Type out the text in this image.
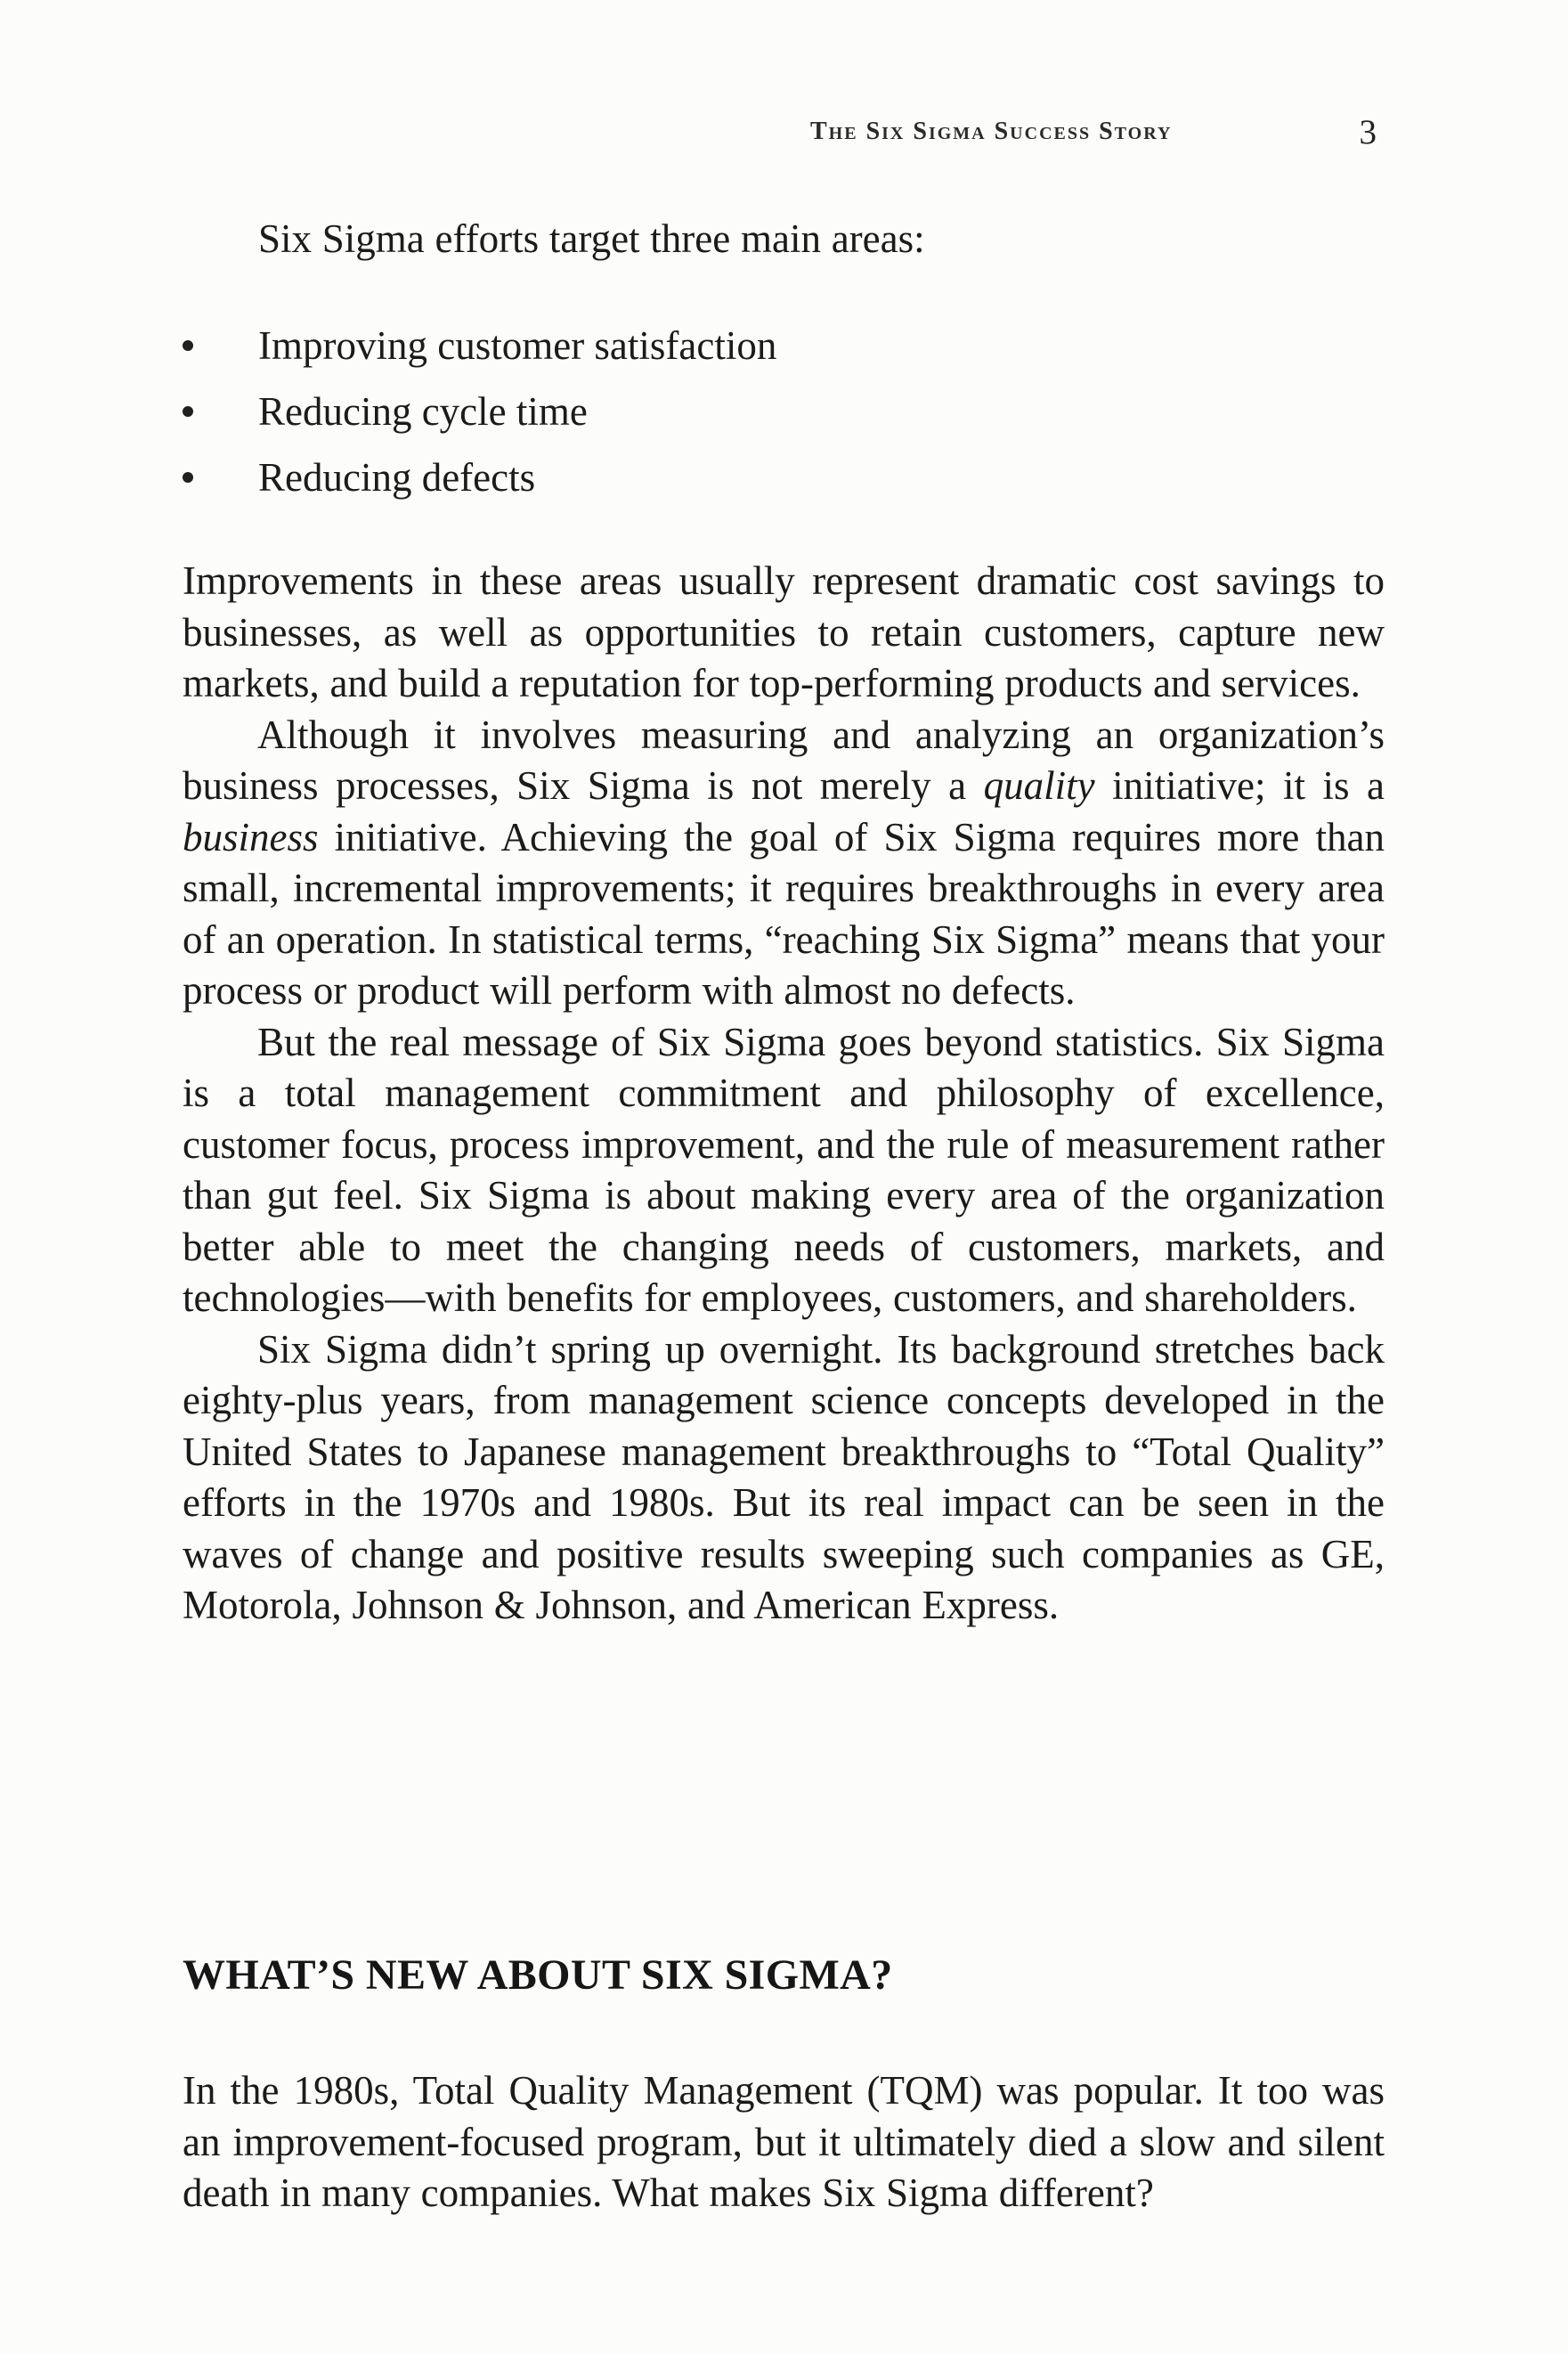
The Six Sigma Success Story	3
Six Sigma efforts target three main areas:
Improving customer satisfaction
Reducing cycle time
Reducing defects

Improvements in these areas usually represent dramatic cost savings to businesses, as well as opportunities to retain customers, capture new markets, and build a reputation for top-performing products and services.

Although it involves measuring and analyzing an organization’s business processes, Six Sigma is not merely a quality initiative; it is a business initiative. Achieving the goal of Six Sigma requires more than small, incremental improvements; it requires breakthroughs in every area of an operation. In statistical terms, “reaching Six Sigma” means that your process or product will perform with almost no defects.

But the real message of Six Sigma goes beyond statistics. Six Sigma is a total management commitment and philosophy of excellence, customer focus, process improvement, and the rule of measurement rather than gut feel. Six Sigma is about making every area of the organization better able to meet the changing needs of customers, markets, and technologies—with benefits for employees, customers, and shareholders.

Six Sigma didn’t spring up overnight. Its background stretches back eighty-plus years, from management science concepts developed in the United States to Japanese management breakthroughs to “Total Quality” efforts in the 1970s and 1980s. But its real impact can be seen in the waves of change and positive results sweeping such companies as GE, Motorola, Johnson & Johnson, and American Express.

WHAT’S NEW ABOUT SIX SIGMA?

In the 1980s, Total Quality Management (TQM) was popular. It too was an improvement-focused program, but it ultimately died a slow and silent death in many companies. What makes Six Sigma different?
